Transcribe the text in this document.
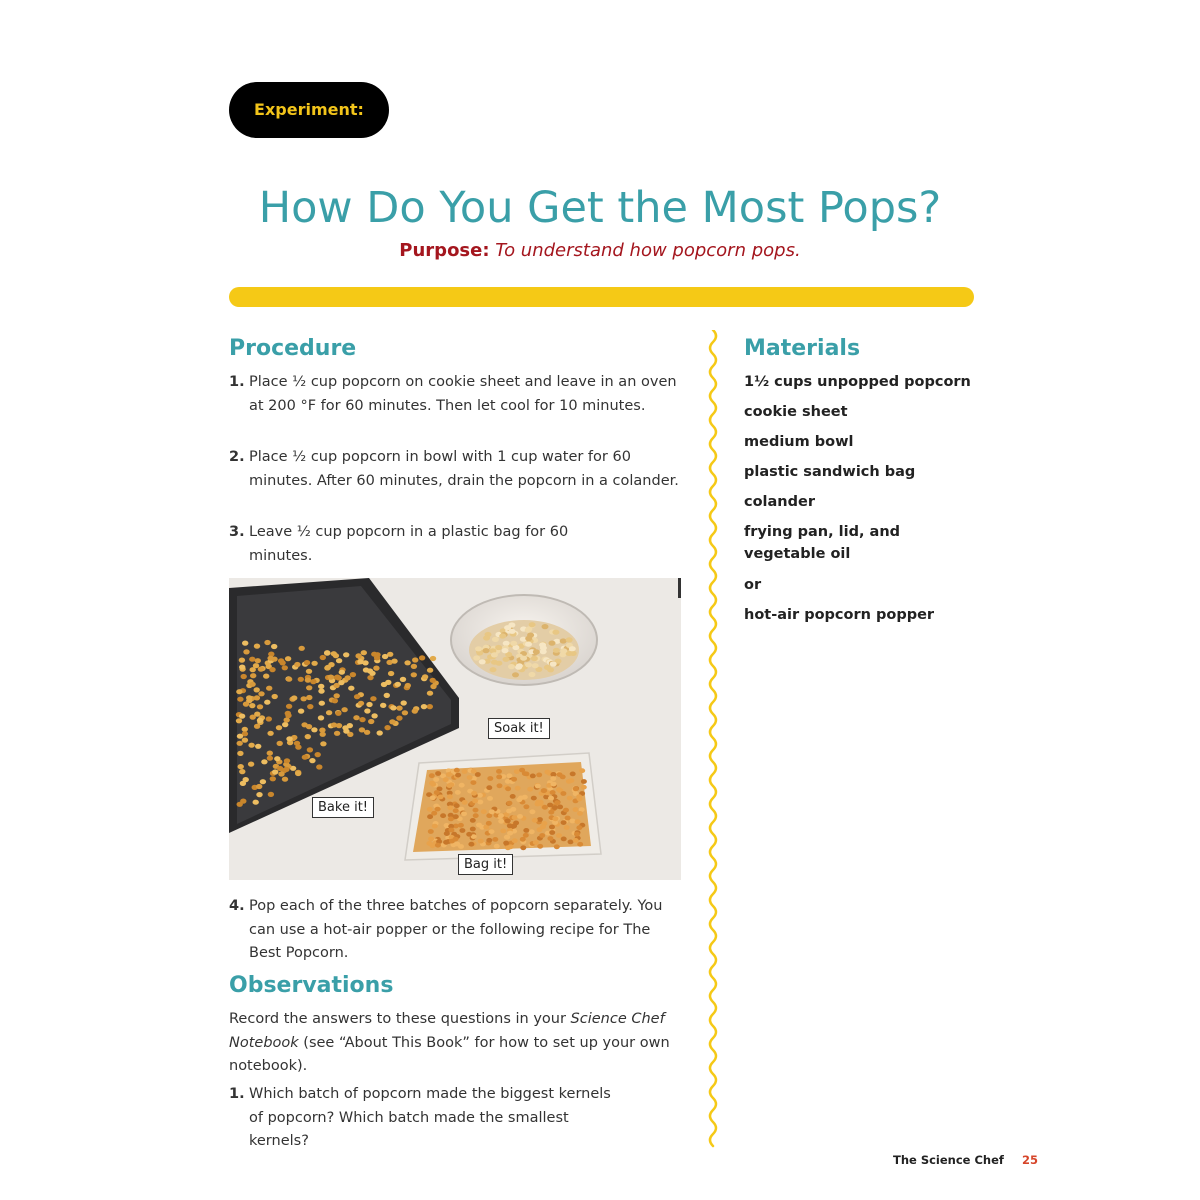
Experiment:
How Do You Get the Most Pops?
Purpose: To understand how popcorn pops.
Procedure
1. Place ½ cup popcorn on cookie sheet and leave in an oven at 200 °F for 60 minutes. Then let cool for 10 minutes.
2. Place ½ cup popcorn in bowl with 1 cup water for 60 minutes. After 60 minutes, drain the popcorn in a colander.
3. Leave ½ cup popcorn in a plastic bag for 60 minutes.
Soak it!
Bake it!
Bag it!
4. Pop each of the three batches of popcorn separately. You can use a hot-air popper or the following recipe for The Best Popcorn.
Observations
Record the answers to these questions in your Science Chef Notebook (see “About This Book” for how to set up your own notebook).
1. Which batch of popcorn made the biggest kernels of popcorn? Which batch made the smallest kernels?
Materials
1½ cups unpopped popcorn
cookie sheet
medium bowl
plastic sandwich bag
colander
frying pan, lid, and vegetable oil
or
hot-air popcorn popper
The Science Chef 25
